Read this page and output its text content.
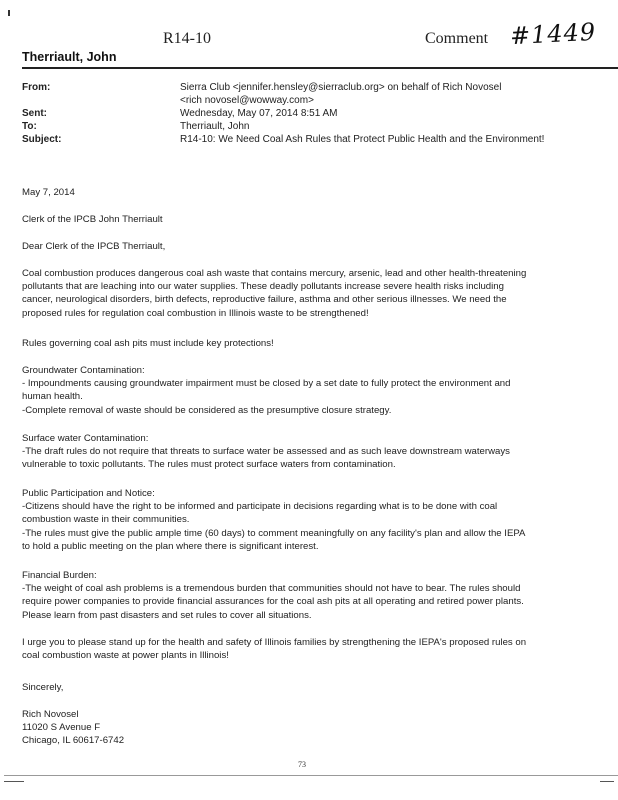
R14-10	Comment #1449
Therriault, John
From:	Sierra Club <jennifer.hensley@sierraclub.org> on behalf of Rich Novosel
<rich novosel@wowway.com>
Sent:	Wednesday, May 07, 2014 8:51 AM
To:	Therriault, John
Subject:	R14-10: We Need Coal Ash Rules that Protect Public Health and the Environment!
May 7, 2014
Clerk of the IPCB John Therriault
Dear Clerk of the IPCB Therriault,

Coal combustion produces dangerous coal ash waste that contains mercury, arsenic, lead and other health-threatening

pollutants that are leaching into our water supplies. These deadly pollutants increase severe health risks including

cancer, neurological disorders, birth defects, reproductive failure, asthma and other serious illnesses. We need the

proposed rules for regulation coal combustion in Illinois waste to be strengthened!

Rules governing coal ash pits must include key protections!

Groundwater Contamination:

- Impoundments causing groundwater impairment must be closed by a set date to fully protect the environment and

human health.

-Complete removal of waste should be considered as the presumptive closure strategy.

Surface water Contamination:

-The draft rules do not require that threats to surface water be assessed and as such leave downstream waterways

vulnerable to toxic pollutants. The rules must protect surface waters from contamination.

Public Participation and Notice:

-Citizens should have the right to be informed and participate in decisions regarding what is to be done with coal

combustion waste in their communities.

-The rules must give the public ample time (60 days) to comment meaningfully on any facility's plan and allow the IEPA

to hold a public meeting on the plan where there is significant interest.

Financial Burden:

-The weight of coal ash problems is a tremendous burden that communities should not have to bear. The rules should

require power companies to provide financial assurances for the coal ash pits at all operating and retired power plants.

Please learn from past disasters and set rules to cover all situations.

I urge you to please stand up for the health and safety of Illinois families by strengthening the IEPA's proposed rules on

coal combustion waste at power plants in Illinois!

Sincerely,

Rich Novosel

11020 S Avenue F

Chicago, IL 60617-6742

73
